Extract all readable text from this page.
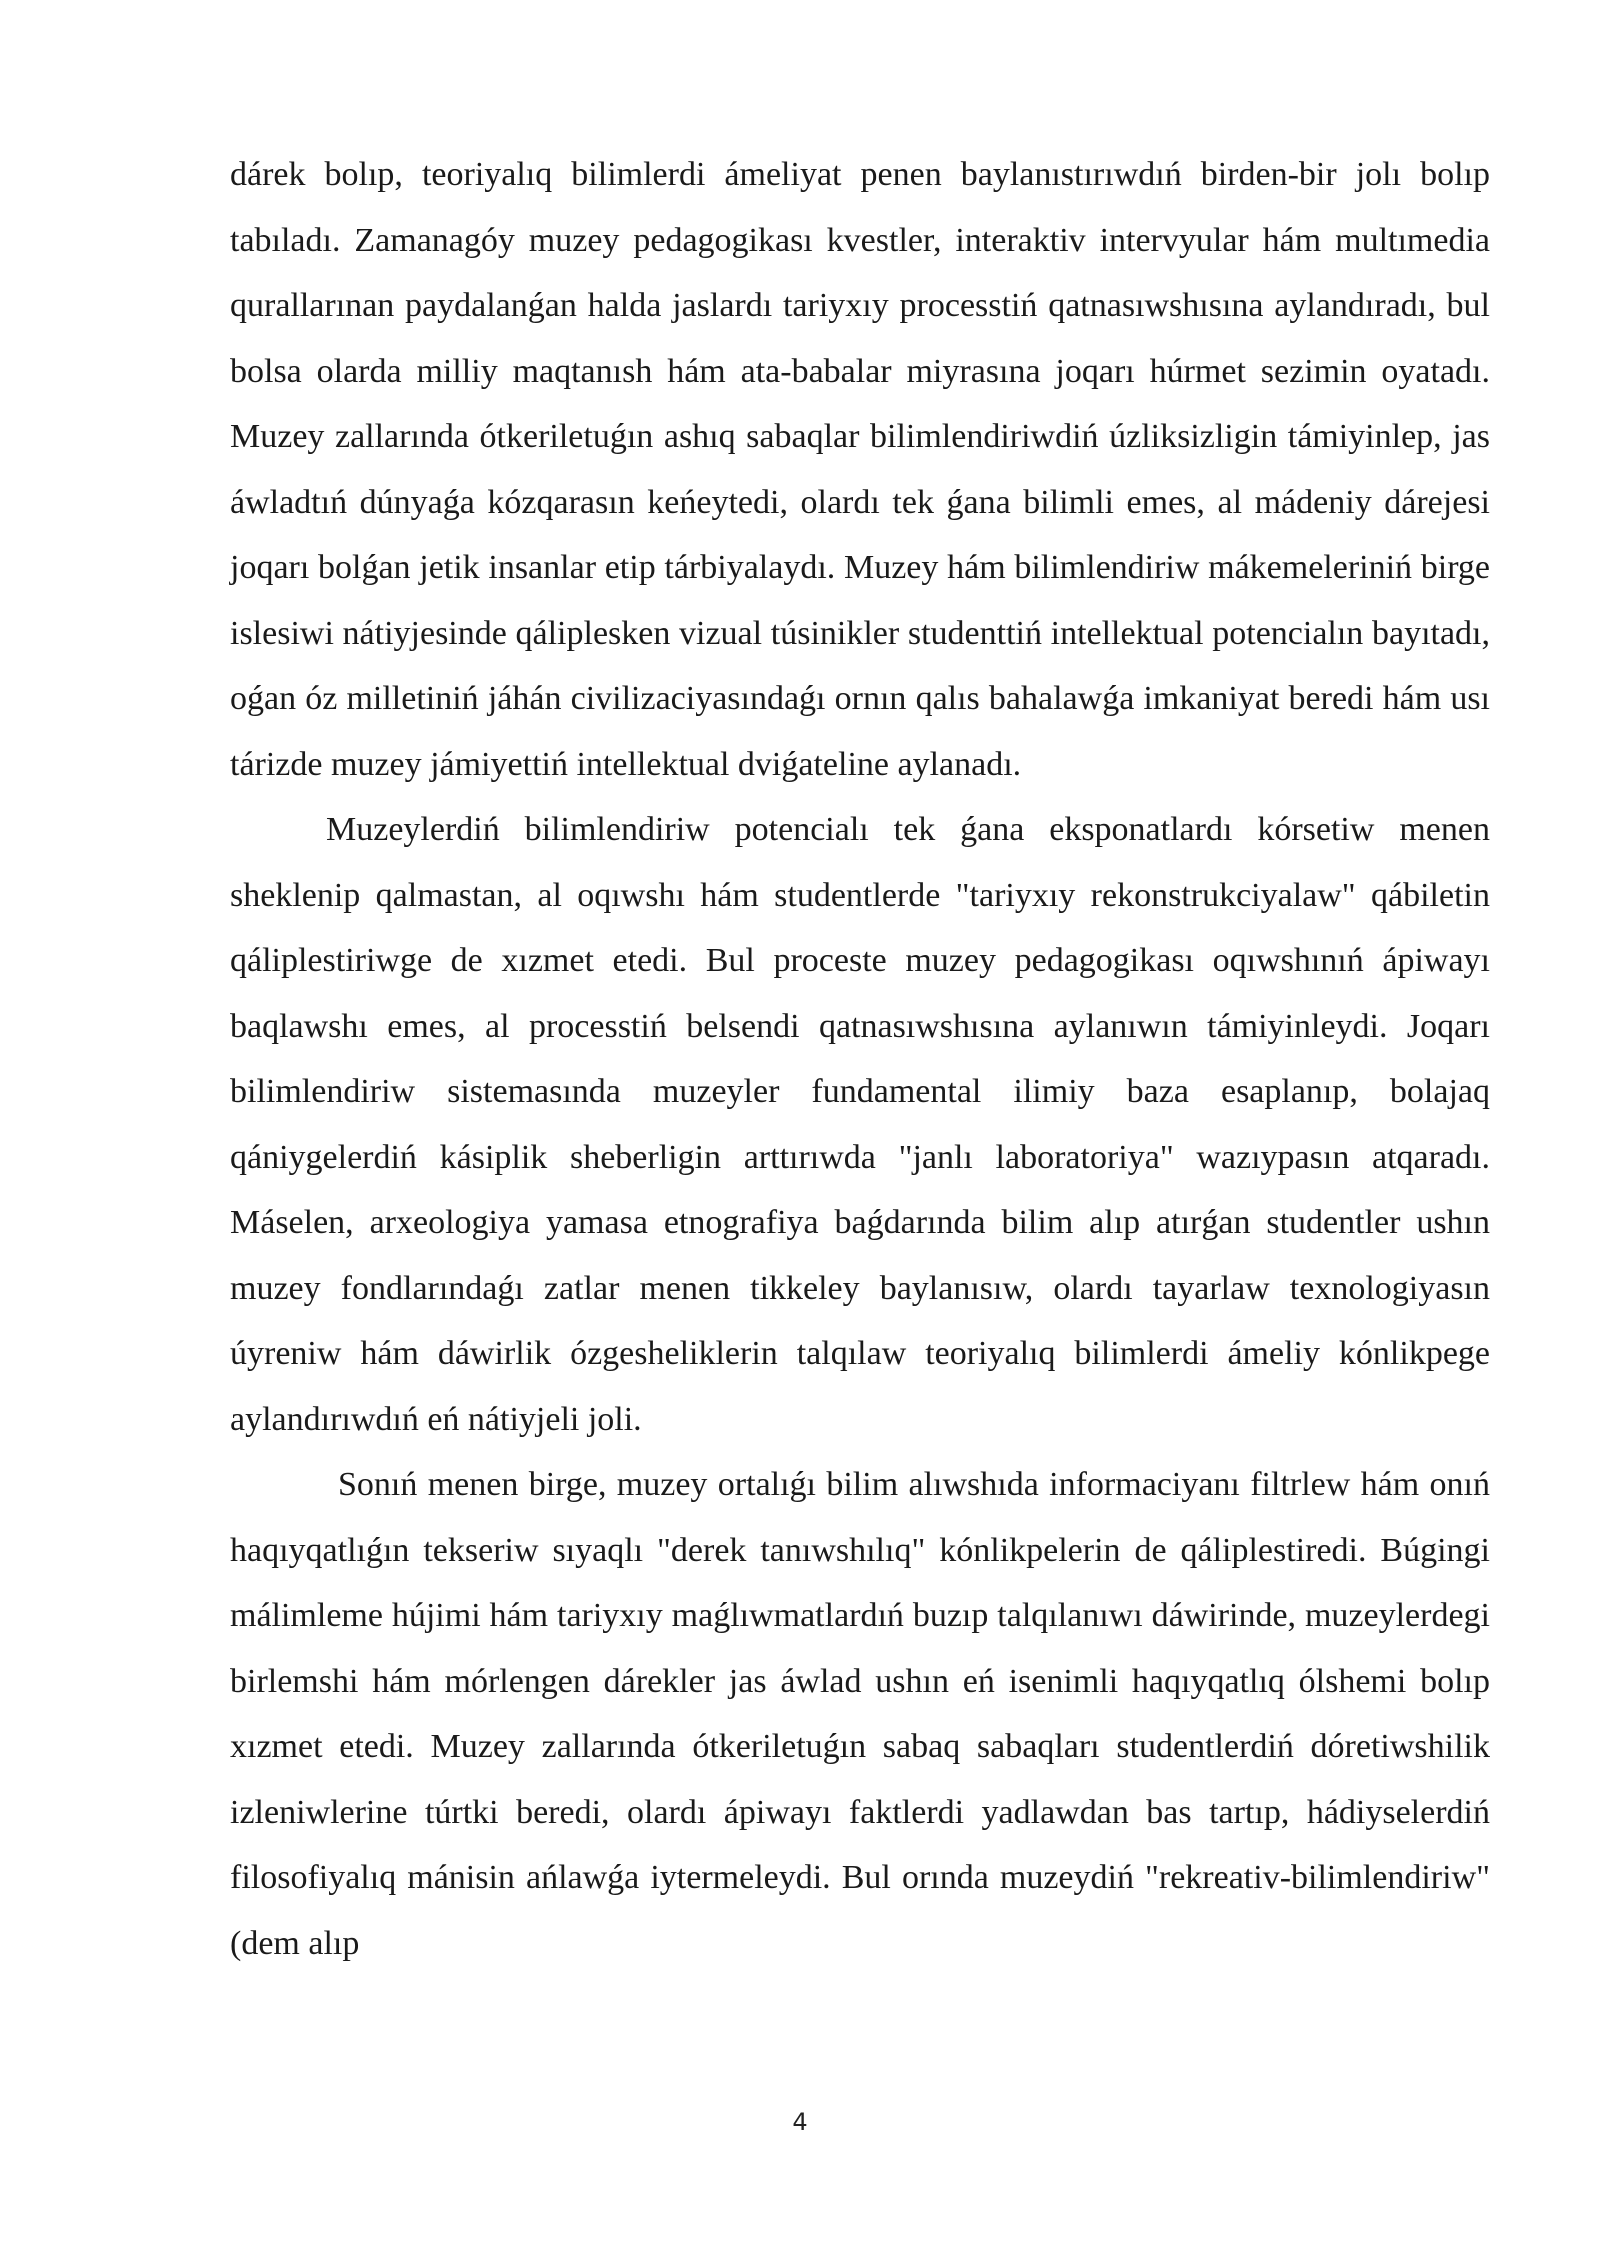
dárek bolıp, teoriyalıq bilimlerdi ámeliyat penen baylanıstırıwdıń birden-bir jolı bolıp tabıladı. Zamanagóy muzey pedagogikası kvestler, interaktiv intervyular hám multımedia qurallarınan paydalanǵan halda jaslardı tariyxıy processtiń qatnasıwshısına aylandıradı, bul bolsa olarda milliy maqtanısh hám ata-babalar miyrasına joqarı húrmet sezimin oyatadı. Muzey zallarında ótkeriletuǵın ashıq sabaqlar bilimlendiriwdiń úzliksizligin támiyinlep, jas áwladtıń dúnyaǵa kózqarasın keńeytedi, olardı tek ǵana bilimli emes, al mádeniy dárejesi joqarı bolǵan jetik insanlar etip tárbiyalaydı. Muzey hám bilimlendiriw mákemeleriniń birge islesiwi nátiyjesinde qáliplesken vizual túsinikler studenttiń intellektual potencialın bayıtadı, oǵan óz milletiniń jáhán civilizaciyasındaǵı ornın qalıs bahalawǵa imkaniyat beredi hám usı tárizde muzey jámiyettiń intellektual dviǵateline aylanadı.

Muzeylerdiń bilimlendiriw potencialı tek ǵana eksponatlardı kórsetiw menen sheklenip qalmastan, al oqıwshı hám studentlerde "tariyxıy rekonstrukciyalaw" qábiletin qáliplestiriwge de xızmet etedi. Bul proceste muzey pedagogikası oqıwshınıń ápiwayı baqlawshı emes, al processtiń belsendi qatnasıwshısına aylanıwın támiyinleydi. Joqarı bilimlendiriw sistemasında muzeyler fundamental ilimiy baza esaplanıp, bolajaq qániygelerdiń kásiplik sheberligin arttırıwda "janlı laboratoriya" wazıypasın atqaradı. Máselen, arxeologiya yamasa etnografiya baǵdarında bilim alıp atırǵan studentler ushın muzey fondlarındaǵı zatlar menen tikkeley baylanısıw, olardı tayarlaw texnologiyasın úyreniw hám dáwirlik ózgesheliklerin talqılaw teoriyalıq bilimlerdi ámeliy kónlikpege aylandırıwdıń eń nátiyjeli joli.

Sonıń menen birge, muzey ortalıǵı bilim alıwshıda informaciyanı filtrlew hám onıń haqıyqatlıǵın tekseriw sıyaqlı "derek tanıwshılıq" kónlikpelerin de qáliplestiredi. Búgingi málimleme hújimi hám tariyxıy maǵlıwmatlardıń buzıp talqılanıwı dáwirinde, muzeylerdegi birlemshi hám mórlengen dárekler jas áwlad ushın eń isenimli haqıyqatlıq ólshemi bolıp xızmet etedi. Muzey zallarında ótkeriletuǵın sabaq sabaqları studentlerdiń dóretiwshilik izleniwlerine túrtki beredi, olardı ápiwayı faktlerdi yadlawdan bas tartıp, hádiyselerdiń filosofiyalıq mánisin ańlawǵa iytermeleydi. Bul orında muzeydiń "rekreativ-bilimlendiriw" (dem alıp

4
